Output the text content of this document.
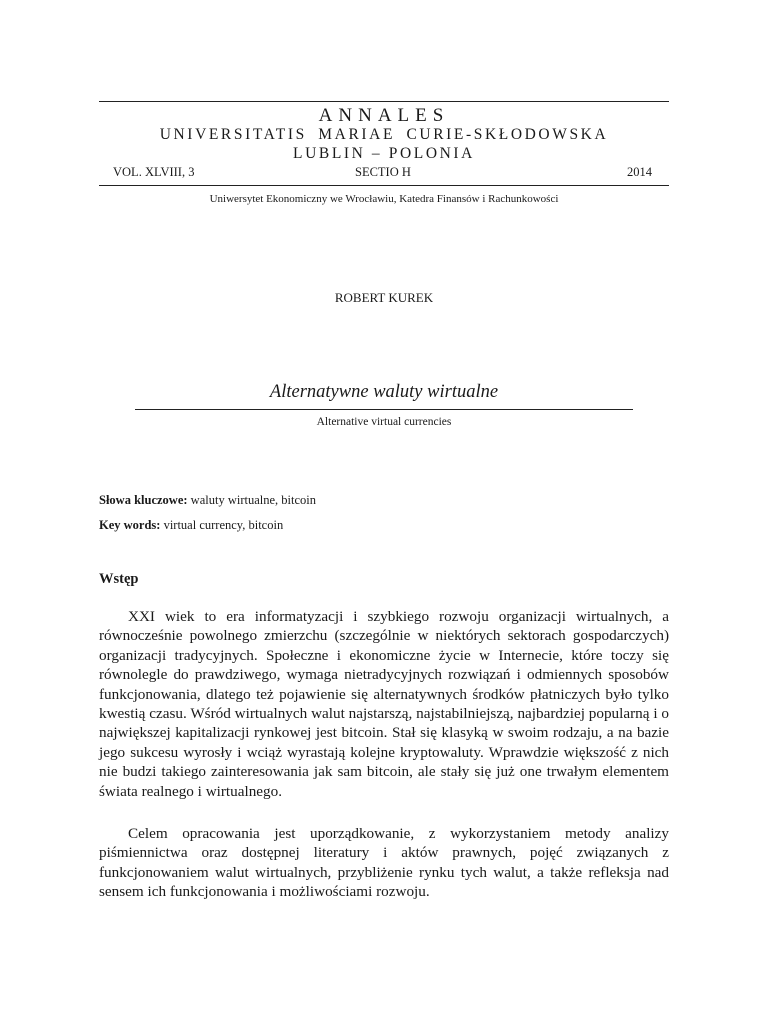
ANNALES
UNIVERSITATIS MARIAE CURIE-SKŁODOWSKA
LUBLIN – POLONIA
VOL. XLVIII, 3	SECTIO H	2014
Uniwersytet Ekonomiczny we Wrocławiu, Katedra Finansów i Rachunkowości
ROBERT KUREK
Alternatywne waluty wirtualne
Alternative virtual currencies
Słowa kluczowe: waluty wirtualne, bitcoin
Key words: virtual currency, bitcoin
Wstęp

XXI wiek to era informatyzacji i szybkiego rozwoju organizacji wirtualnych, a równocześnie powolnego zmierzchu (szczególnie w niektórych sektorach gospodarczych) organizacji tradycyjnych. Społeczne i ekonomiczne życie w Internecie, które toczy się równolegle do prawdziwego, wymaga nietradycyjnych rozwiązań i odmiennych sposobów funkcjonowania, dlatego też pojawienie się alternatywnych środków płatniczych było tylko kwestią czasu. Wśród wirtualnych walut najstarszą, najstabilniejszą, najbardziej popularną i o największej kapitalizacji rynkowej jest bitcoin. Stał się klasyką w swoim rodzaju, a na bazie jego sukcesu wyrosły i wciąż wyrastają kolejne kryptowaluty. Wprawdzie większość z nich nie budzi takiego zainteresowania jak sam bitcoin, ale stały się już one trwałym elementem świata realnego i wirtualnego.

Celem opracowania jest uporządkowanie, z wykorzystaniem metody analizy piśmiennictwa oraz dostępnej literatury i aktów prawnych, pojęć związanych z funkcjonowaniem walut wirtualnych, przybliżenie rynku tych walut, a także refleksja nad sensem ich funkcjonowania i możliwościami rozwoju.
